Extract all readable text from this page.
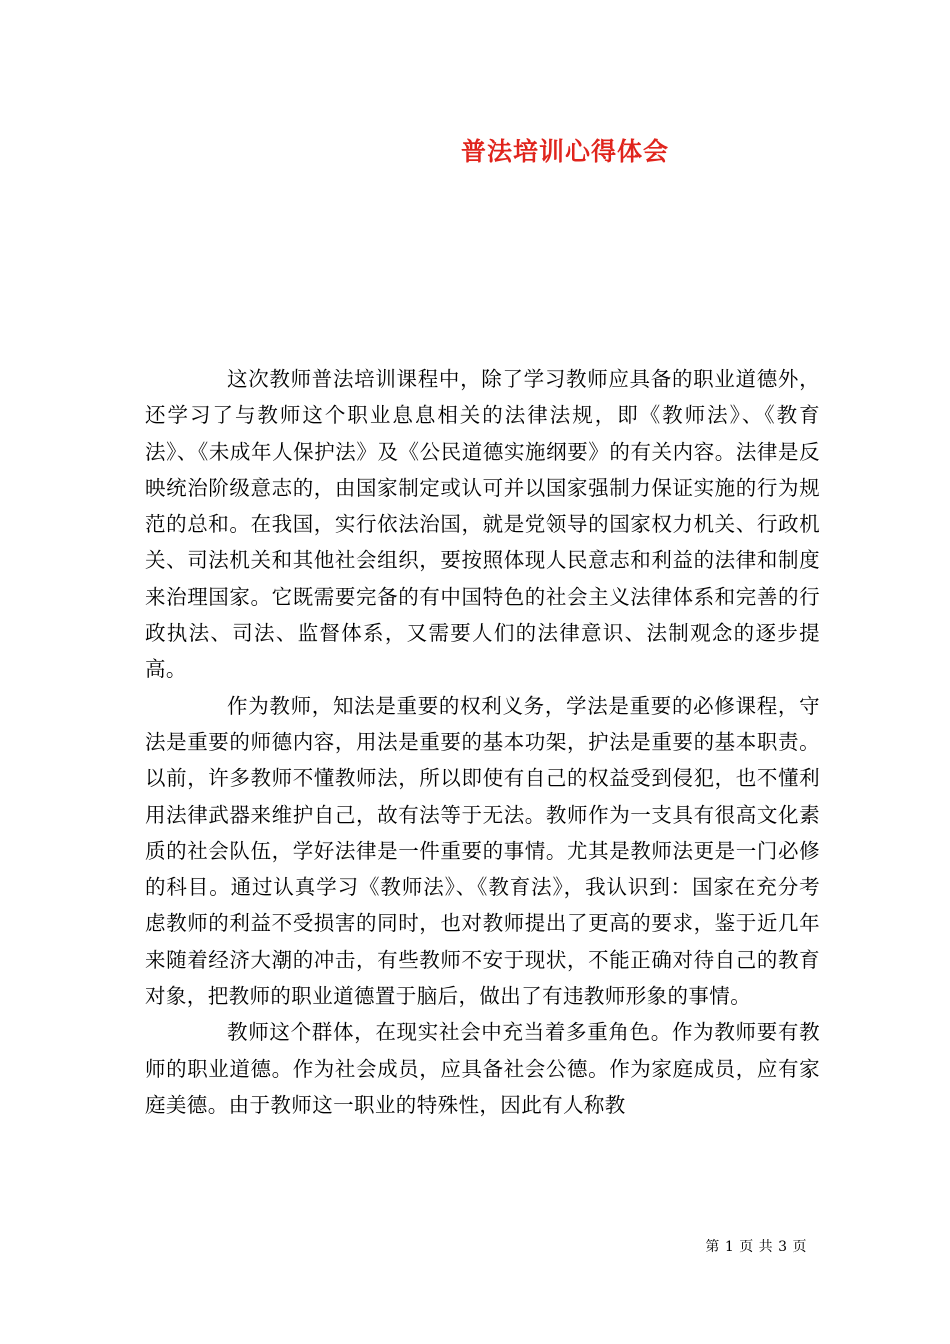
普法培训心得体会

这次教师普法培训课程中，除了学习教师应具备的职业道德外，还学习了与教师这个职业息息相关的法律法规，即《教师法》、《教育法》、《未成年人保护法》及《公民道德实施纲要》的有关内容。法律是反映统治阶级意志的，由国家制定或认可并以国家强制力保证实施的行为规范的总和。在我国，实行依法治国，就是党领导的国家权力机关、行政机关、司法机关和其他社会组织，要按照体现人民意志和利益的法律和制度来治理国家。它既需要完备的有中国特色的社会主义法律体系和完善的行政执法、司法、监督体系，又需要人们的法律意识、法制观念的逐步提高。

作为教师，知法是重要的权利义务，学法是重要的必修课程，守法是重要的师德内容，用法是重要的基本功架，护法是重要的基本职责。以前，许多教师不懂教师法，所以即使有自己的权益受到侵犯，也不懂利用法律武器来维护自己，故有法等于无法。教师作为一支具有很高文化素质的社会队伍，学好法律是一件重要的事情。尤其是教师法更是一门必修的科目。通过认真学习《教师法》、《教育法》，我认识到：国家在充分考虑教师的利益不受损害的同时，也对教师提出了更高的要求，鉴于近几年来随着经济大潮的冲击，有些教师不安于现状，不能正确对待自己的教育对象，把教师的职业道德置于脑后，做出了有违教师形象的事情。

教师这个群体，在现实社会中充当着多重角色。作为教师要有教师的职业道德。作为社会成员，应具备社会公德。作为家庭成员，应有家庭美德。由于教师这一职业的特殊性，因此有人称教

第 1 页 共 3 页
